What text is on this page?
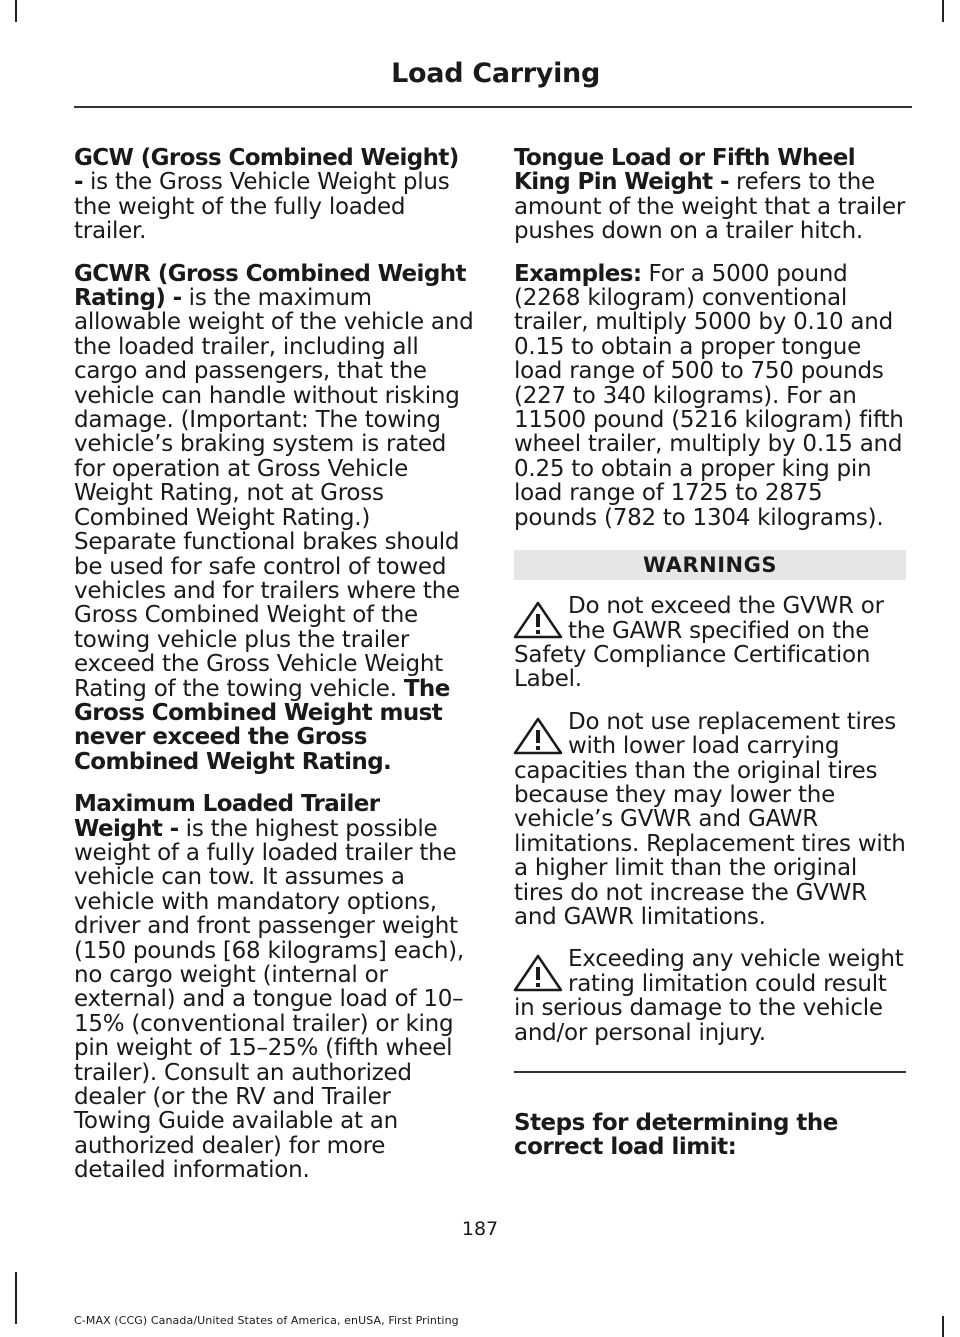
Load Carrying

GCW (Gross Combined Weight) - is the Gross Vehicle Weight plus the weight of the fully loaded trailer.

GCWR (Gross Combined Weight Rating) - is the maximum allowable weight of the vehicle and the loaded trailer, including all cargo and passengers, that the vehicle can handle without risking damage. (Important: The towing vehicle’s braking system is rated for operation at Gross Vehicle Weight Rating, not at Gross Combined Weight Rating.) Separate functional brakes should be used for safe control of towed vehicles and for trailers where the Gross Combined Weight of the towing vehicle plus the trailer exceed the Gross Vehicle Weight Rating of the towing vehicle. The Gross Combined Weight must never exceed the Gross Combined Weight Rating.

Maximum Loaded Trailer Weight - is the highest possible weight of a fully loaded trailer the vehicle can tow. It assumes a vehicle with mandatory options, driver and front passenger weight (150 pounds [68 kilograms] each), no cargo weight (internal or external) and a tongue load of 10–15% (conventional trailer) or king pin weight of 15–25% (fifth wheel trailer). Consult an authorized dealer (or the RV and Trailer Towing Guide available at an authorized dealer) for more detailed information.

Tongue Load or Fifth Wheel King Pin Weight - refers to the amount of the weight that a trailer pushes down on a trailer hitch.

Examples: For a 5000 pound (2268 kilogram) conventional trailer, multiply 5000 by 0.10 and 0.15 to obtain a proper tongue load range of 500 to 750 pounds (227 to 340 kilograms). For an 11500 pound (5216 kilogram) fifth wheel trailer, multiply by 0.15 and 0.25 to obtain a proper king pin load range of 1725 to 2875 pounds (782 to 1304 kilograms).

WARNINGS
Do not exceed the GVWR or the GAWR specified on the Safety Compliance Certification Label.
Do not use replacement tires with lower load carrying capacities than the original tires because they may lower the vehicle’s GVWR and GAWR limitations. Replacement tires with a higher limit than the original tires do not increase the GVWR and GAWR limitations.
Exceeding any vehicle weight rating limitation could result in serious damage to the vehicle and/or personal injury.
Steps for determining the correct load limit:
187
C-MAX (CCG) Canada/United States of America, enUSA, First Printing
